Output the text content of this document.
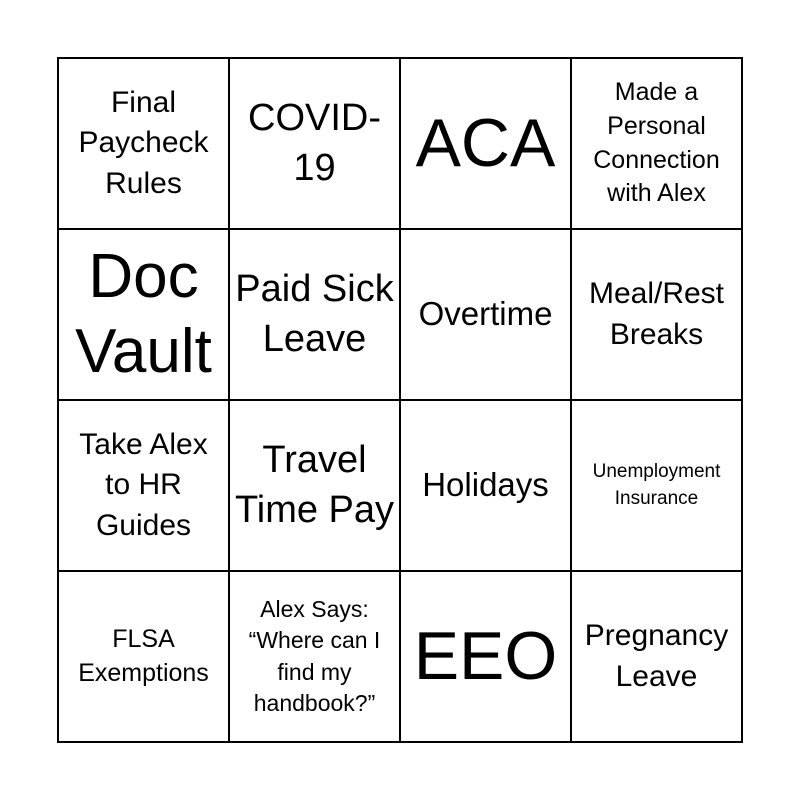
Final Paycheck Rules
COVID-19	ACA
Made a Personal Connection with Alex
Doc Vault
Paid Sick Leave
Overtime
Meal/Rest Breaks
Take Alex to HR Guides
Travel Time Pay
Holidays	Unemployment Insurance
FLSA Exemptions
Alex Says: “Where can I find my handbook?”
EEO Pregnancy Leave
